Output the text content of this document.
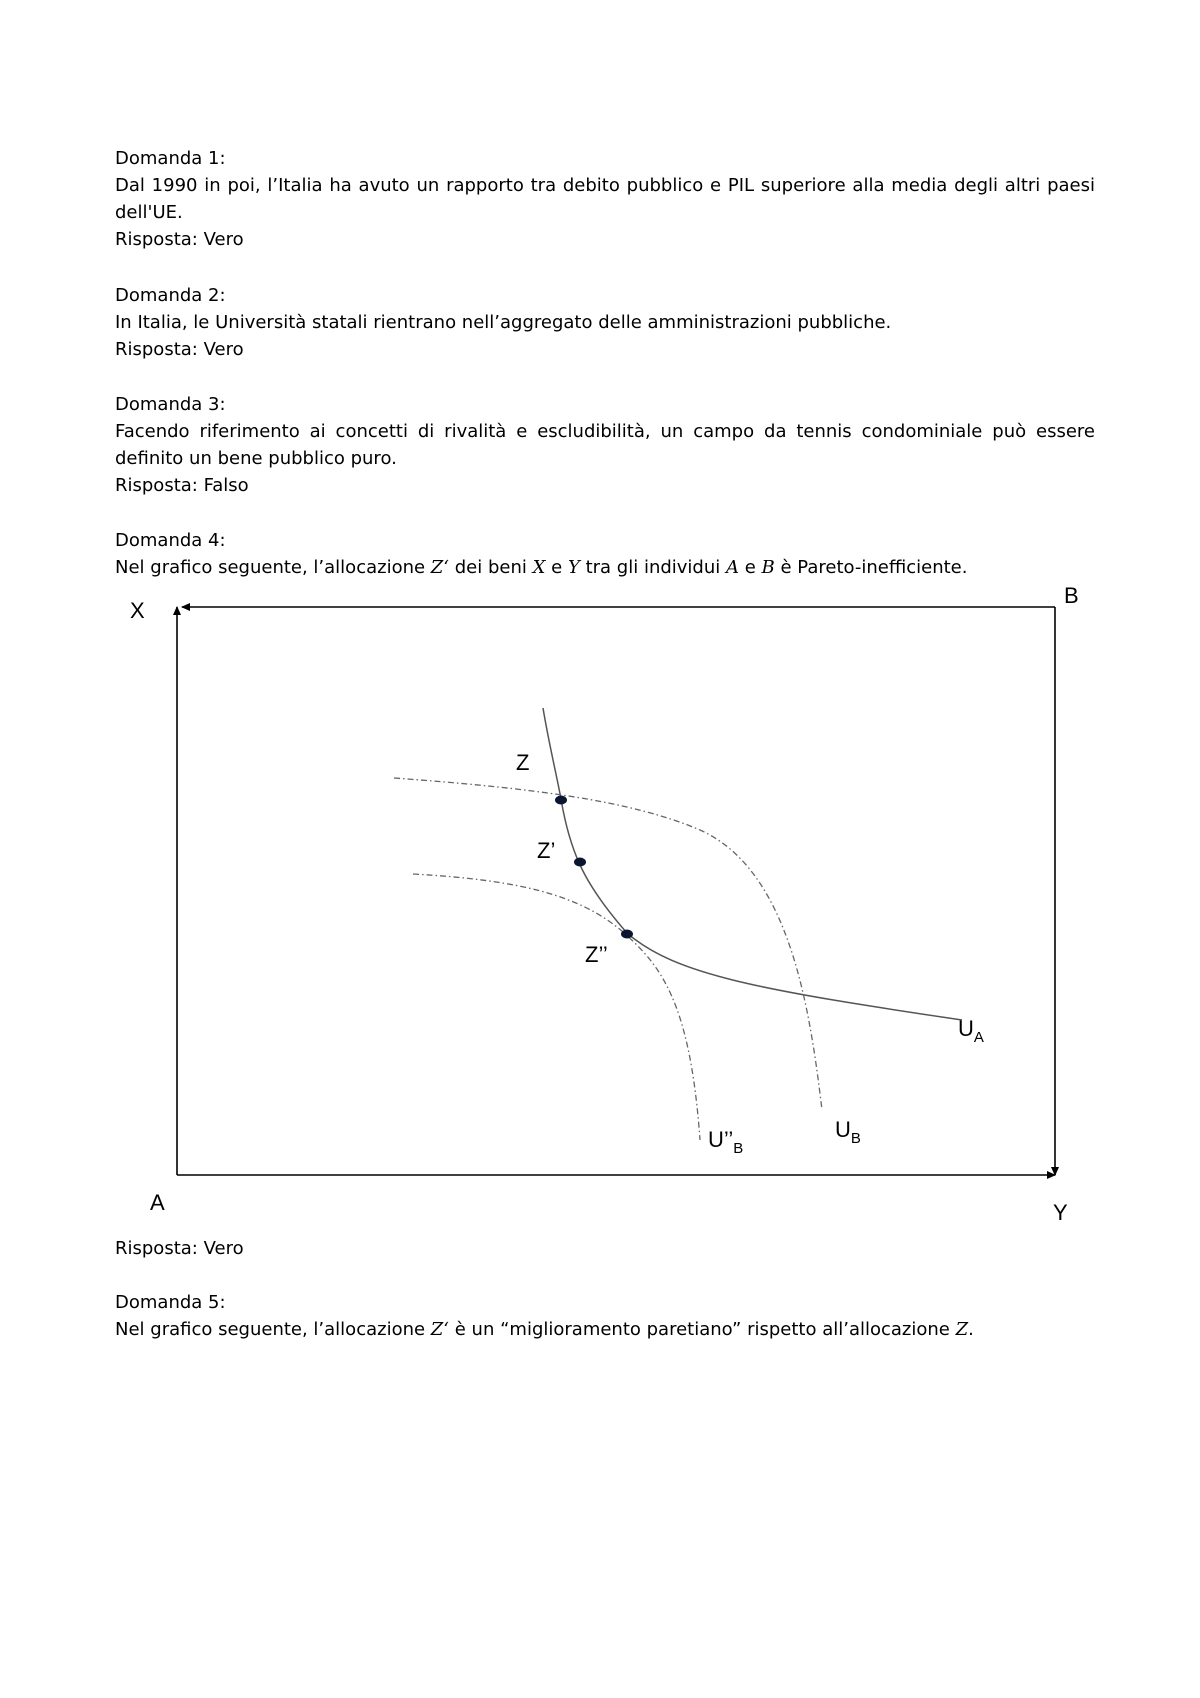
Domanda 1:

Dal 1990 in poi, l’Italia ha avuto un rapporto tra debito pubblico e PIL superiore alla media degli altri paesi dell'UE.

Risposta: Vero

Domanda 2:

In Italia, le Università statali rientrano nell’aggregato delle amministrazioni pubbliche.

Risposta: Vero

Domanda 3:

Facendo riferimento ai concetti di rivalità e escludibilità, un campo da tennis condominiale può essere definito un bene pubblico puro.

Risposta: Falso

Domanda 4:

Nel grafico seguente, l’allocazione Z‘ dei beni X e Y tra gli individui A e B è Pareto-inefficiente.

X
B
A	Y
Z
Z’
Z’’
$U_A$
$U_B$
$U’’_B$

Risposta: Vero

Domanda 5:

Nel grafico seguente, l’allocazione Z‘ è un “miglioramento paretiano” rispetto all’allocazione Z.
